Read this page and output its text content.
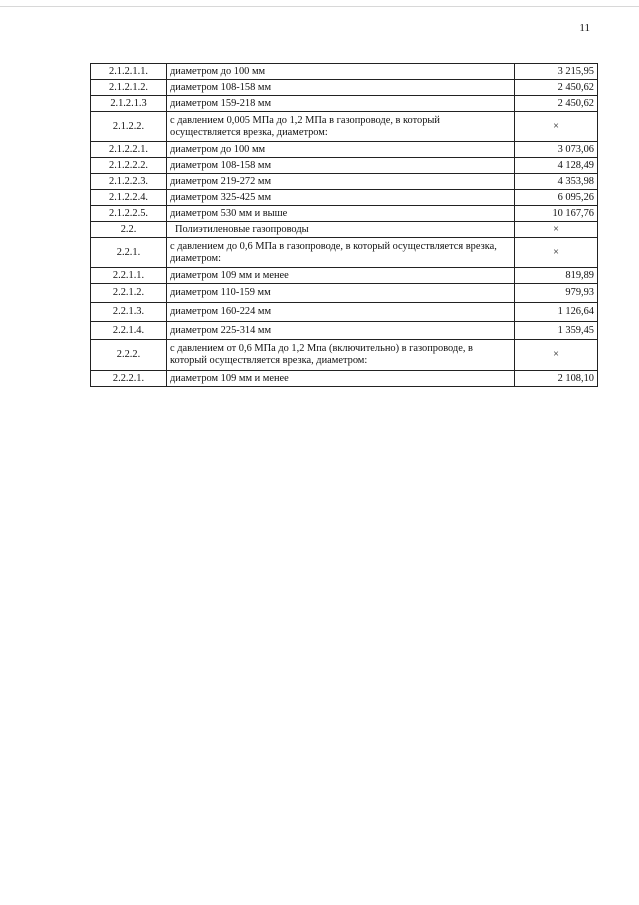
11
2.1.2.1.1.	диаметром до 100 мм	3 215,95
2.1.2.1.2.	диаметром 108-158 мм	2 450,62
2.1.2.1.3	диаметром 159-218 мм	2 450,62
2.1.2.2.	с давлением 0,005 МПа до 1,2 МПа в газопроводе, в который осуществляется врезка, диаметром:	×
2.1.2.2.1.	диаметром до 100 мм	3 073,06
2.1.2.2.2.	диаметром 108-158 мм	4 128,49
2.1.2.2.3.	диаметром 219-272 мм	4 353,98
2.1.2.2.4.	диаметром 325-425 мм	6 095,26
2.1.2.2.5.	диаметром 530 мм и выше	10 167,76
2.2.	Полиэтиленовые газопроводы	×
2.2.1.	с давлением до 0,6 МПа в газопроводе, в который осуществляется врезка, диаметром:	×
2.2.1.1.	диаметром 109 мм и менее	819,89
2.2.1.2.	диаметром 110-159 мм	979,93
2.2.1.3.	диаметром 160-224 мм	1 126,64
2.2.1.4.	диаметром 225-314 мм	1 359,45
2.2.2.	с давлением от 0,6 МПа до 1,2 Мпа (включительно) в газопроводе, в который осуществляется врезка, диаметром:	×
2.2.2.1.	диаметром 109 мм и менее	2 108,10
